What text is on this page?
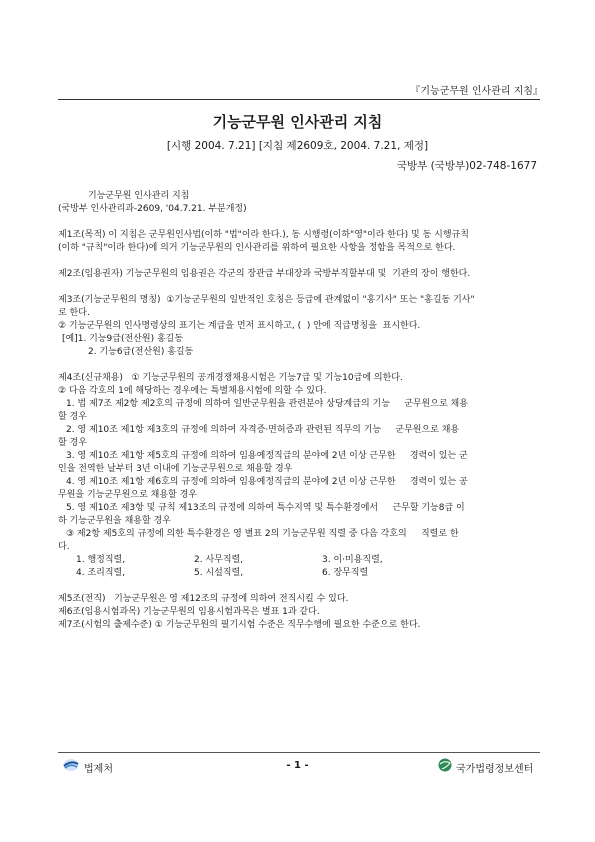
『기능군무원 인사관리 지침』
기능군무원 인사관리 지침
[시행 2004. 7.21] [지침 제2609호, 2004. 7.21, 제정]
국방부 (국방부)02-748-1677

기능군무원 인사관리 지침

(국방부 인사관리과-2609, '04.7.21. 부분개정)

제1조(목적) 이 지침은 군무원인사법(이하 "법"이라 한다.), 동 시행령(이하"영"이라 한다) 및 동 시행규칙

(이하 "규칙"이라 한다)에 의거 기능군무원의 인사관리를 위하여 필요한 사항을 정함을 목적으로 한다.

제2조(임용권자) 기능군무원의 임용권은 각군의 장관급 부대장과 국방부직할부대 및  기관의 장이 행한다.

제3조(기능군무원의 명칭)  ①기능군무원의 일반적인 호칭은 등급에 관계없이 "홍기사" 또는 "홍길동 기사"

로 한다.

② 기능군무원의 인사명령상의 표기는 계급을 먼저 표시하고, (  ) 안에 직급명칭을  표시한다.

[예]1. 기능9급(전산원) 홍길동

2. 기능6급(전산원) 홍길동

제4조(신규채용)   ① 기능군무원의 공개경쟁채용시험은 기능7급 및 기능10급에 의한다.

② 다음 각호의 1에 해당하는 경우에는 특별채용시험에 의할 수 있다.

1. 법 제7조 제2항 제2호의 규정에 의하여 일반군무원을 관련분야 상당계급의 기능     군무원으로 채용

할 경우

2. 영 제10조 제1항 제3호의 규정에 의하여 자격증·면허증과 관련된 직무의 기능     군무원으로 채용

할 경우

3. 영 제10조 제1항 제5호의 규정에 의하여 임용예정직급의 분야에 2년 이상 근무한     경력이 있는 군

인을 전역한 날부터 3년 이내에 기능군무원으로 채용할 경우

4. 영 제10조 제1항 제6호의 규정에 의하여 임용예정직급의 분야에 2년 이상 근무한     경력이 있는 공

무원을 기능군무원으로 채용할 경우

5. 영 제10조 제3항 및 규칙 제13조의 규정에 의하여 특수지역 및 특수환경에서     근무할 기능8급 이

하 기능군무원을 채용할 경우

③ 제2항 제5호의 규정에 의한 특수환경은 영 별표 2의 기능군무원 직렬 중 다음 각호의     직렬로 한

다.

1. 행정직렬,	2. 사무직렬,	3. 이·미용직렬,
4. 조리직렬,	5. 시설직렬,	6. 장무직렬

제5조(전직)   기능군무원은 영 제12조의 규정에 의하여 전직시킬 수 있다.

제6조(임용시험과목) 기능군무원의 임용시험과목은 별표 1과 같다.

제7조(시험의 출제수준) ① 기능군무원의 필기시험 수준은 직무수행에 필요한 수준으로 한다.

법제처	- 1 -	국가법령정보센터
